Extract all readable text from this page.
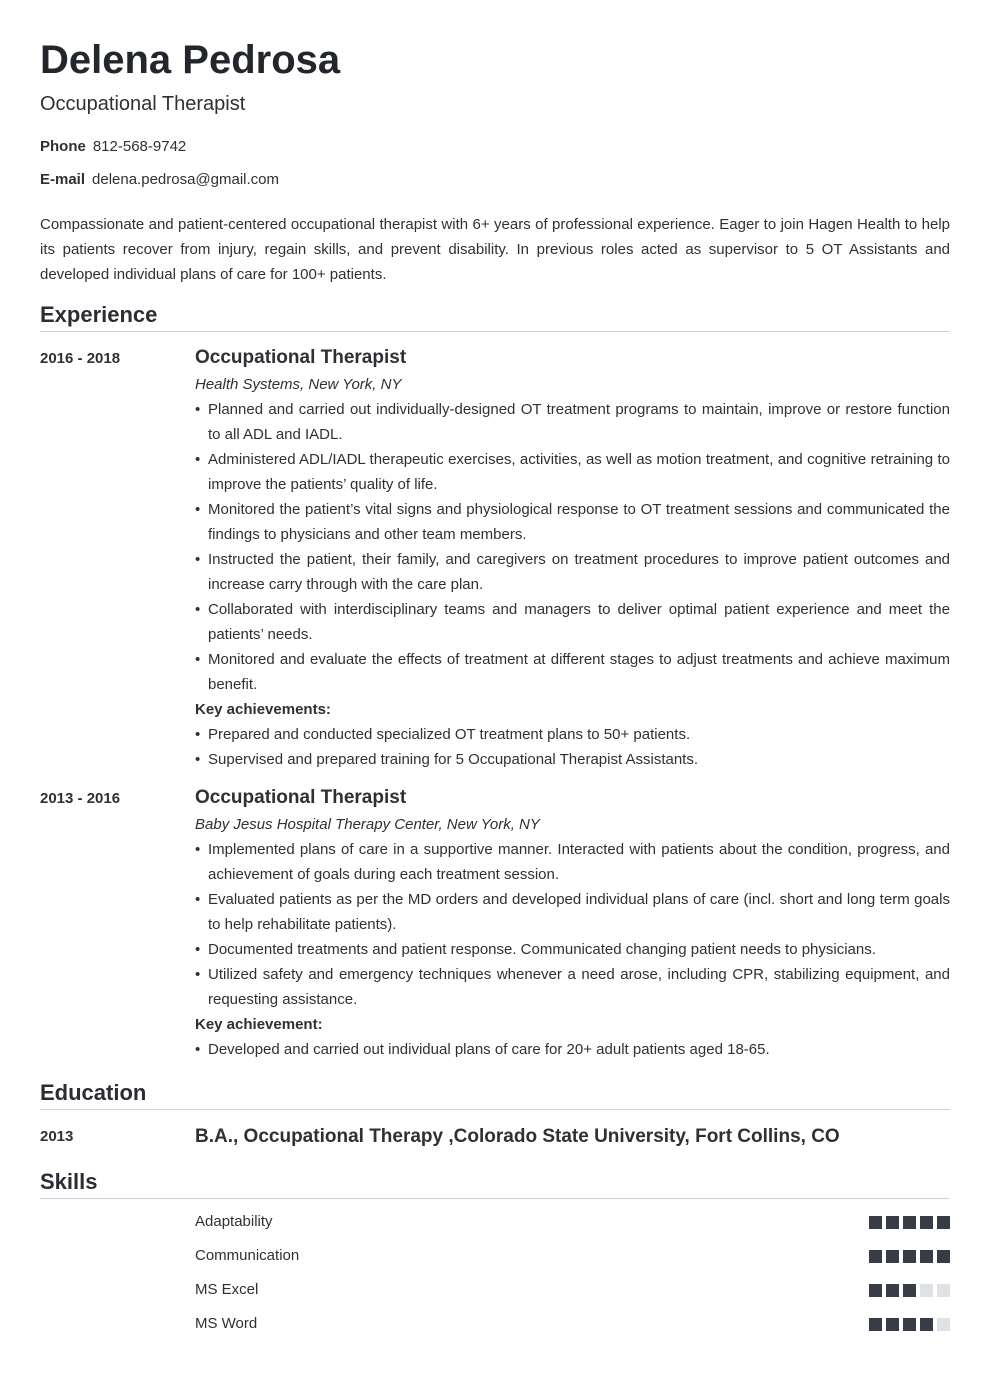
Delena Pedrosa
Occupational Therapist
Phone 812-568-9742
E-mail delena.pedrosa@gmail.com
Compassionate and patient-centered occupational therapist with 6+ years of professional experience. Eager to join Hagen Health to help its patients recover from injury, regain skills, and prevent disability. In previous roles acted as supervisor to 5 OT Assistants and developed individual plans of care for 100+ patients.
Experience
2016 - 2018	Occupational Therapist
Health Systems, New York, NY
• Planned and carried out individually-designed OT treatment programs to maintain, improve or restore function to all ADL and IADL.
• Administered ADL/IADL therapeutic exercises, activities, as well as motion treatment, and cognitive retraining to improve the patients’ quality of life.
• Monitored the patient’s vital signs and physiological response to OT treatment sessions and communicated the findings to physicians and other team members.
• Instructed the patient, their family, and caregivers on treatment procedures to improve patient outcomes and increase carry through with the care plan.
• Collaborated with interdisciplinary teams and managers to deliver optimal patient experience and meet the patients’ needs.
• Monitored and evaluate the effects of treatment at different stages to adjust treatments and achieve maximum benefit.
Key achievements:
• Prepared and conducted specialized OT treatment plans to 50+ patients.
• Supervised and prepared training for 5 Occupational Therapist Assistants.
2013 - 2016	Occupational Therapist
Baby Jesus Hospital Therapy Center, New York, NY
• Implemented plans of care in a supportive manner. Interacted with patients about the condition, progress, and achievement of goals during each treatment session.
• Evaluated patients as per the MD orders and developed individual plans of care (incl. short and long term goals to help rehabilitate patients).
• Documented treatments and patient response. Communicated changing patient needs to physicians.
• Utilized safety and emergency techniques whenever a need arose, including CPR, stabilizing equipment, and requesting assistance.
Key achievement:
• Developed and carried out individual plans of care for 20+ adult patients aged 18-65.
Education
2013	B.A., Occupational Therapy ,Colorado State University, Fort Collins, CO
Skills
Adaptability
Communication
MS Excel
MS Word
